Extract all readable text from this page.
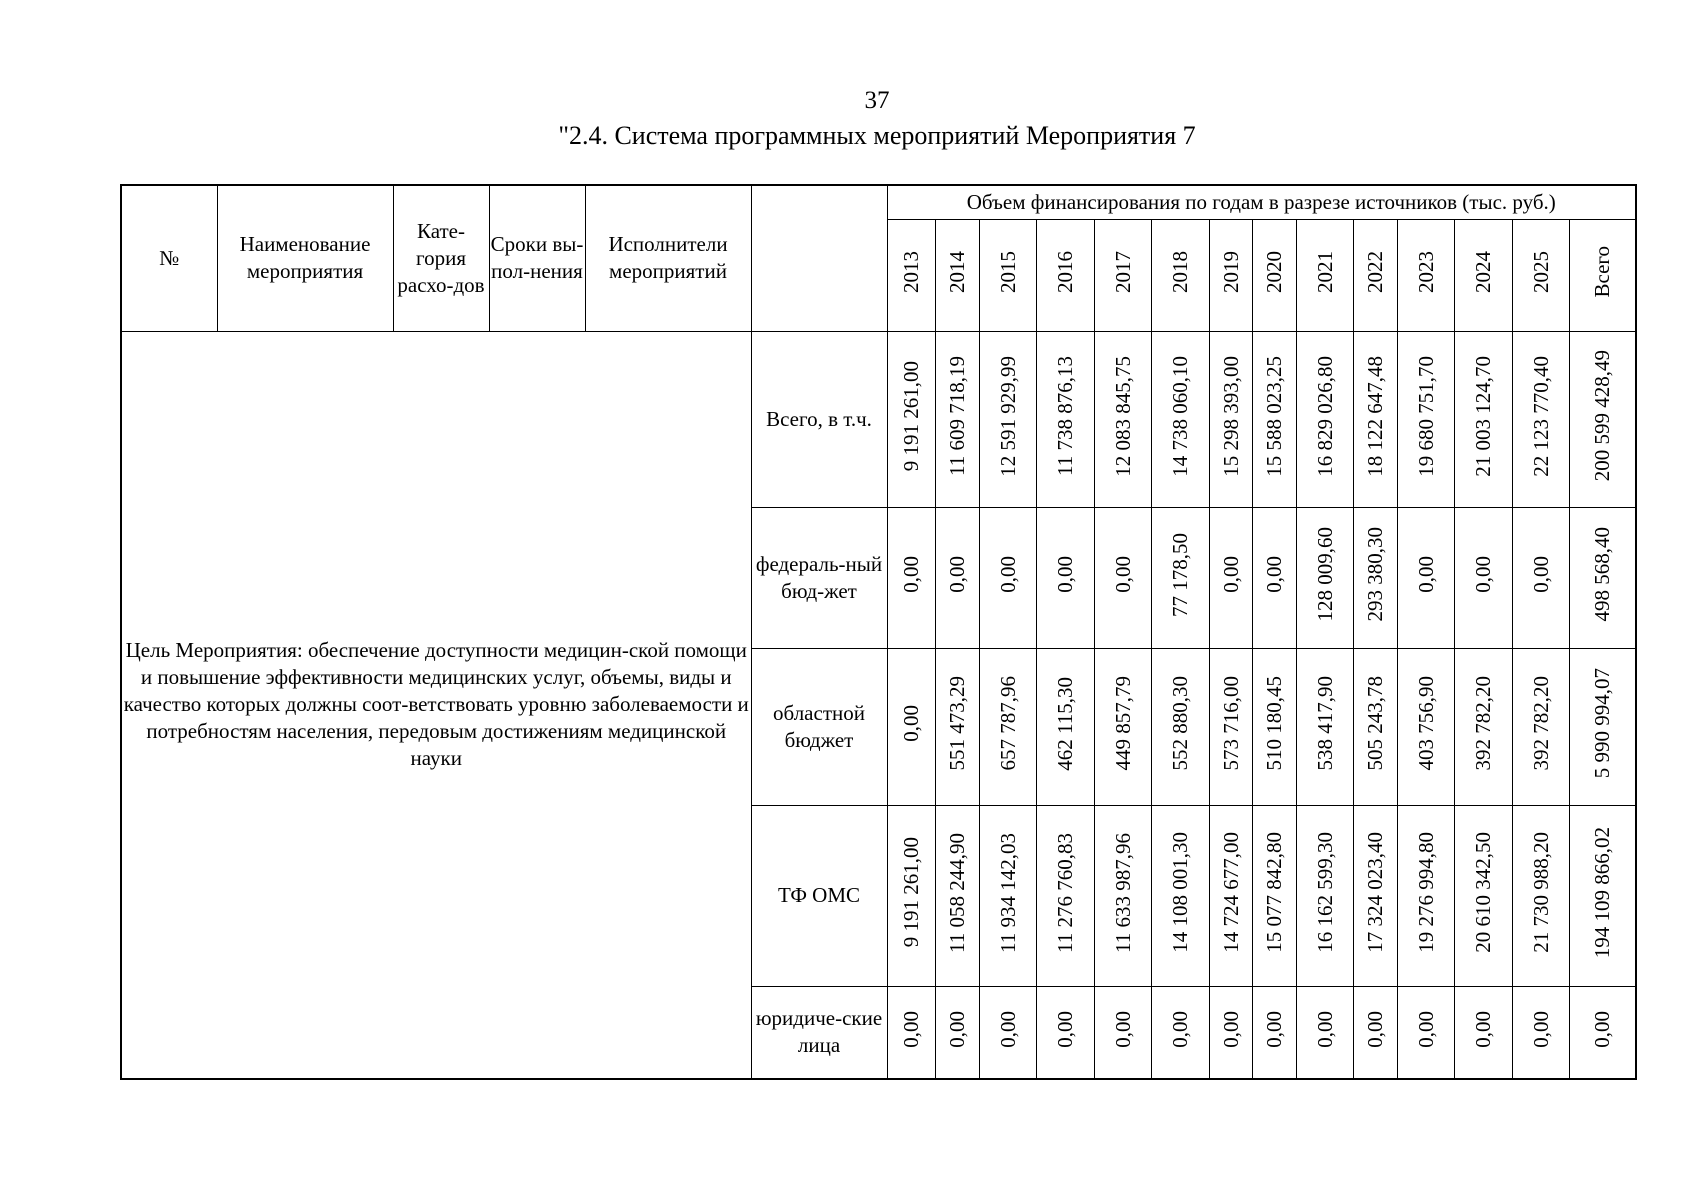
37
"2.4. Система программных мероприятий Мероприятия 7
№	Наименование мероприятия	Кате-гория расхо-дов	Сроки вы-пол-нения	Исполнители мероприятий		Объем финансирования по годам в разрезе источников (тыс. руб.)													
						2013	2014	2015	2016	2017	2018	2019	2020	2021	2022	2023	2024	2025	Всего
Цель Мероприятия: обеспечение доступности медицин-ской помощи и повышение эффективности медицинских услуг, объемы, виды и качество которых должны соот-ветствовать уровню заболеваемости и потребностям населения, передовым достижениям медицинской науки					Всего, в т.ч.	9 191 261,00	11 609 718,19	12 591 929,99	11 738 876,13	12 083 845,75	14 738 060,10	15 298 393,00	15 588 023,25	16 829 026,80	18 122 647,48	19 680 751,70	21 003 124,70	22 123 770,40	200 599 428,49
					федераль-ный бюд-жет	0,00	0,00	0,00	0,00	0,00	77 178,50	0,00	0,00	128 009,60	293 380,30	0,00	0,00	0,00	498 568,40
					областной бюджет	0,00	551 473,29	657 787,96	462 115,30	449 857,79	552 880,30	573 716,00	510 180,45	538 417,90	505 243,78	403 756,90	392 782,20	392 782,20	5 990 994,07
					ТФ ОМС	9 191 261,00	11 058 244,90	11 934 142,03	11 276 760,83	11 633 987,96	14 108 001,30	14 724 677,00	15 077 842,80	16 162 599,30	17 324 023,40	19 276 994,80	20 610 342,50	21 730 988,20	194 109 866,02
					юридиче-ские лица	0,00	0,00	0,00	0,00	0,00	0,00	0,00	0,00	0,00	0,00	0,00	0,00	0,00	0,00
